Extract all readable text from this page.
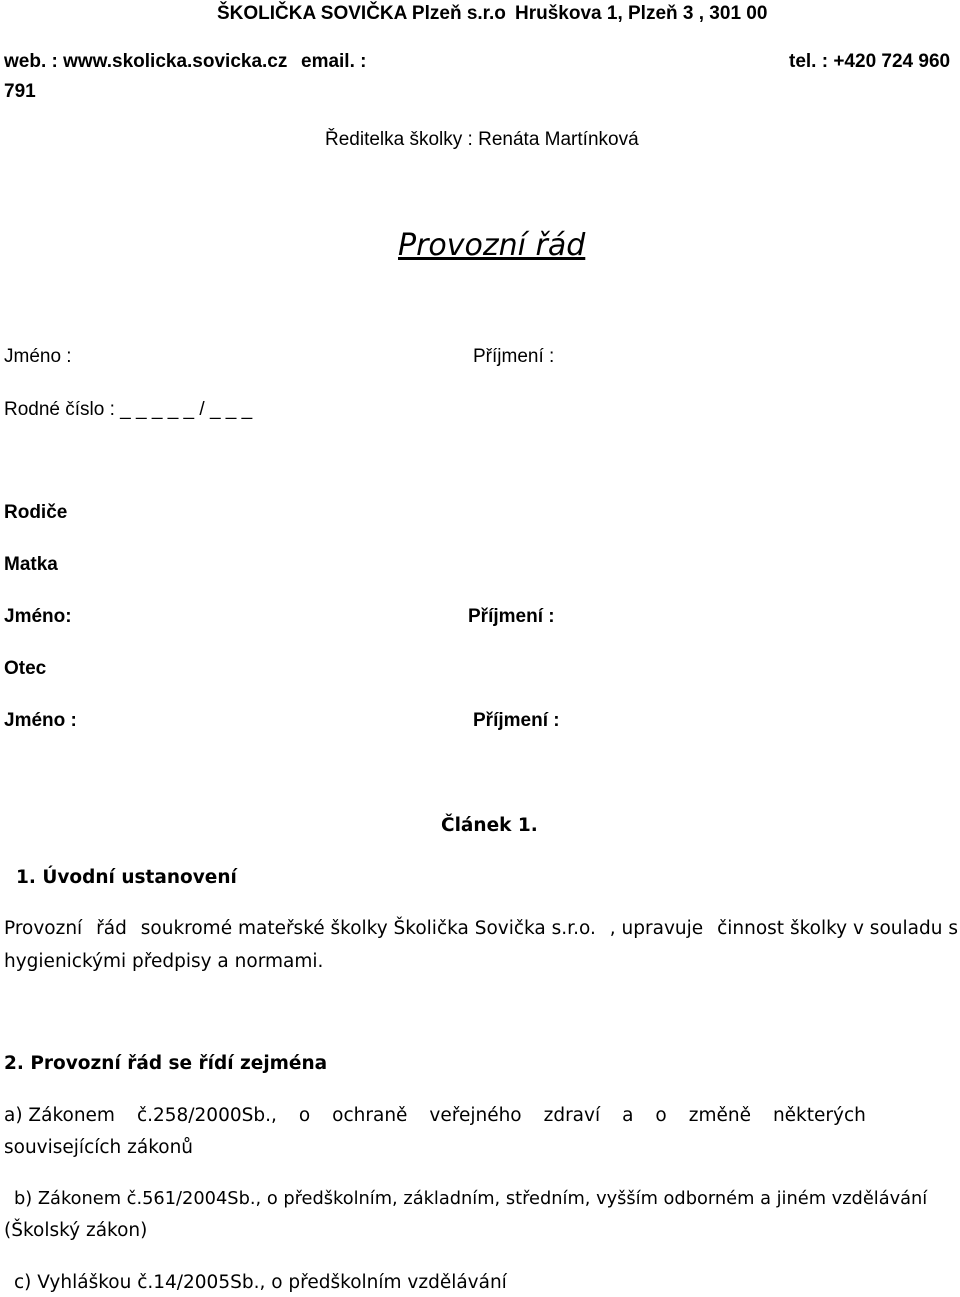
ŠKOLIČKA SOVIČKA Plzeň s.r.o Hruškova 1, Plzeň 3 , 301 00
web. : www.skolicka.sovicka.cz email. :	tel. : +420 724 960
791
Ředitelka školky : Renáta Martínková
Provozní řád
Jméno :	Příjmení :
Rodné číslo : _ _ _ _ _ / _ _ _
Rodiče
Matka
Jméno:	Příjmení :
Otec
Jméno :	Příjmení :
Článek 1.
1. Úvodní ustanovení
Provozní řád soukromé mateřské školky Školička Sovička s.r.o. , upravuje činnost školky v souladu s
hygienickými předpisy a normami.
2. Provozní řád se řídí zejména
a) Zákonem č.258/2000Sb., o ochraně veřejného zdraví a o změně některých
souvisejících zákonů
b) Zákonem č.561/2004Sb., o předškolním, základním, středním, vyšším odborném a jiném vzdělávání
(Školský zákon)
c) Vyhláškou č.14/2005Sb., o předškolním vzdělávání
